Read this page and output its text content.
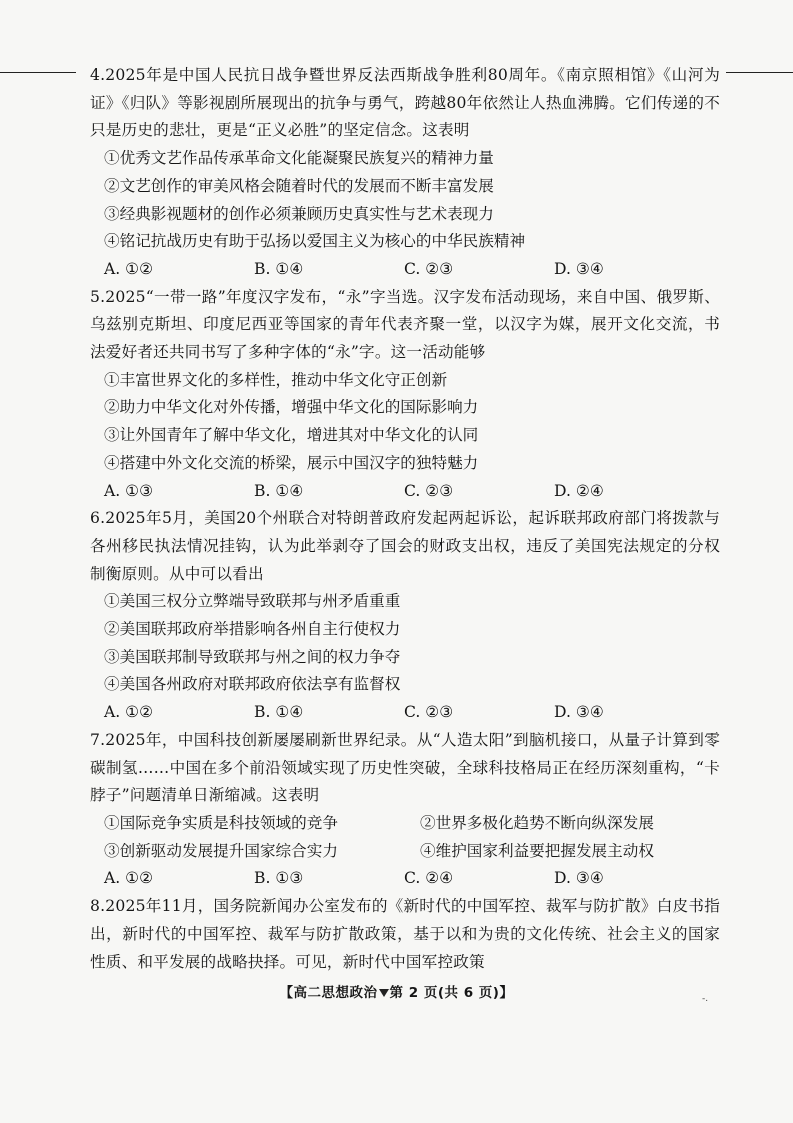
4.2025年是中国人民抗日战争暨世界反法西斯战争胜利80周年。《南京照相馆》《山河为证》《归队》等影视剧所展现出的抗争与勇气，跨越80年依然让人热血沸腾。它们传递的不只是历史的悲壮，更是“正义必胜”的坚定信念。这表明

①优秀文艺作品传承革命文化能凝聚民族复兴的精神力量

②文艺创作的审美风格会随着时代的发展而不断丰富发展

③经典影视题材的创作必须兼顾历史真实性与艺术表现力

④铭记抗战历史有助于弘扬以爱国主义为核心的中华民族精神

A. ①②	B. ①④	C. ②③	D. ③④

5.2025“一带一路”年度汉字发布，“永”字当选。汉字发布活动现场，来自中国、俄罗斯、乌兹别克斯坦、印度尼西亚等国家的青年代表齐聚一堂，以汉字为媒，展开文化交流，书法爱好者还共同书写了多种字体的“永”字。这一活动能够

①丰富世界文化的多样性，推动中华文化守正创新

②助力中华文化对外传播，增强中华文化的国际影响力

③让外国青年了解中华文化，增进其对中华文化的认同

④搭建中外文化交流的桥梁，展示中国汉字的独特魅力

A. ①③	B. ①④	C. ②③	D. ②④

6.2025年5月，美国20个州联合对特朗普政府发起两起诉讼，起诉联邦政府部门将拨款与各州移民执法情况挂钩，认为此举剥夺了国会的财政支出权，违反了美国宪法规定的分权制衡原则。从中可以看出

①美国三权分立弊端导致联邦与州矛盾重重

②美国联邦政府举措影响各州自主行使权力

③美国联邦制导致联邦与州之间的权力争夺

④美国各州政府对联邦政府依法享有监督权

A. ①②	B. ①④	C. ②③	D. ③④

7.2025年，中国科技创新屡屡刷新世界纪录。从“人造太阳”到脑机接口，从量子计算到零碳制氢……中国在多个前沿领域实现了历史性突破，全球科技格局正在经历深刻重构，“卡脖子”问题清单日渐缩减。这表明

①国际竞争实质是科技领域的竞争	②世界多极化趋势不断向纵深发展

③创新驱动发展提升国家综合实力	④维护国家利益要把握发展主动权

A. ①②	B. ①③	C. ②④	D. ③④

8.2025年11月，国务院新闻办公室发布的《新时代的中国军控、裁军与防扩散》白皮书指出，新时代的中国军控、裁军与防扩散政策，基于以和为贵的文化传统、社会主义的国家性质、和平发展的战略抉择。可见，新时代中国军控政策

【高二思想政治 第 2 页(共 6 页)】	-.
